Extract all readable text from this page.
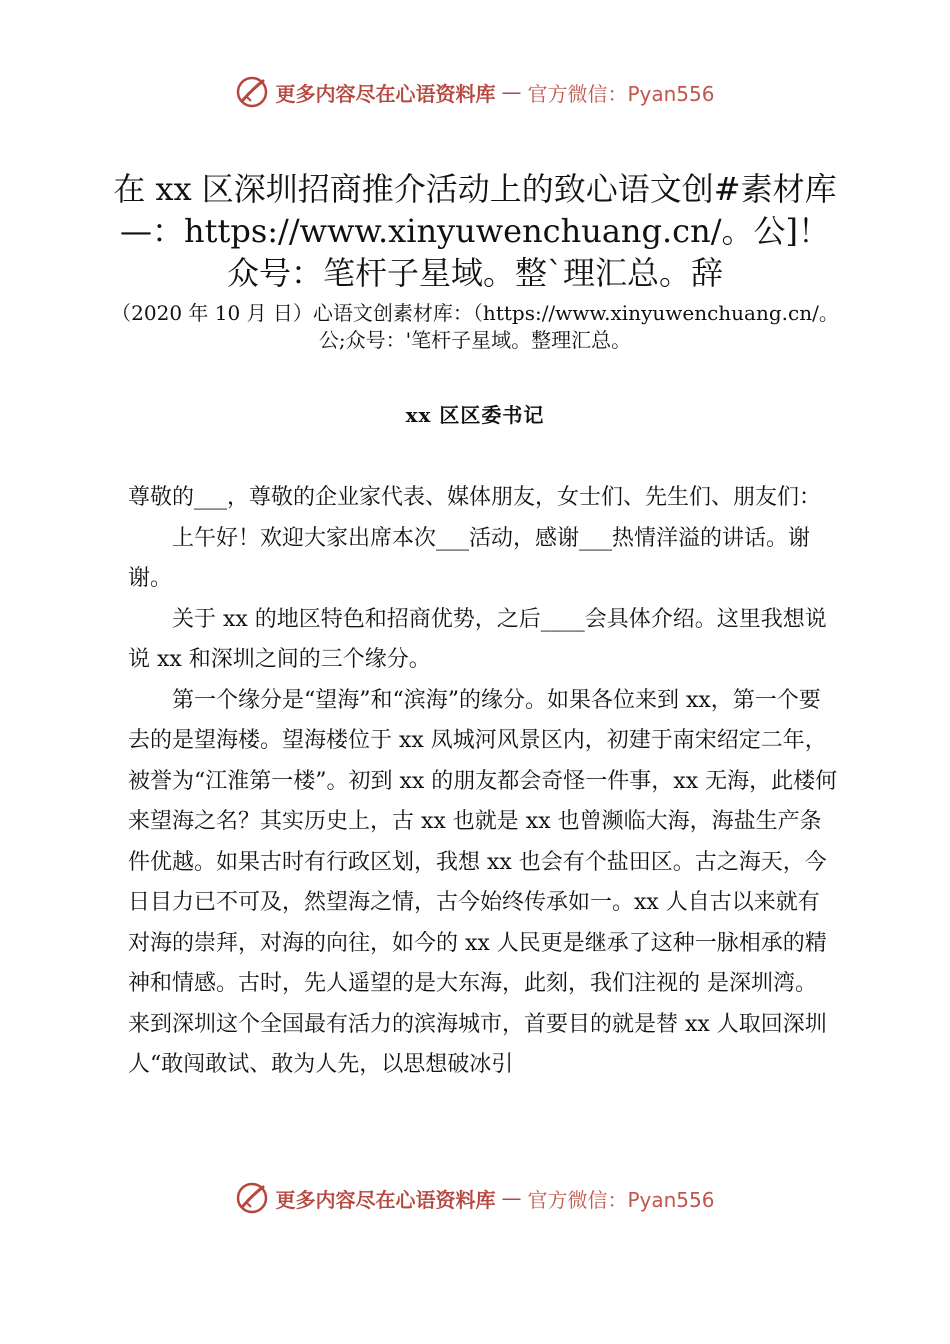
更多内容尽在心语资料库 — 官方微信：Pyan556
在 xx 区深圳招商推介活动上的致心语文创#素材库—：https://www.xinyuwenchuang.cn/。公]！众号：笔杆子星域。整`理汇总。辞
（2020 年 10 月 日）心语文创素材库：（https://www.xinyuwenchuang.cn/。公;众号：'笔杆子星域。整理汇总。
xx 区区委书记

尊敬的___，尊敬的企业家代表、媒体朋友，女士们、先生们、朋友们：

上午好！欢迎大家出席本次___活动，感谢___热情洋溢的讲话。谢谢。

关于 xx 的地区特色和招商优势，之后____会具体介绍。这里我想说说 xx 和深圳之间的三个缘分。

第一个缘分是“望海”和“滨海”的缘分。如果各位来到 xx，第一个要去的是望海楼。望海楼位于 xx 凤城河风景区内，初建于南宋绍定二年，被誉为“江淮第一楼”。初到 xx 的朋友都会奇怪一件事，xx 无海，此楼何来望海之名？其实历史上，古 xx 也就是 xx 也曾濒临大海，海盐生产条件优越。如果古时有行政区划，我想 xx 也会有个盐田区。古之海天，今日目力已不可及，然望海之情，古今始终传承如一。xx 人自古以来就有对海的崇拜，对海的向往，如今的 xx 人民更是继承了这种一脉相承的精神和情感。古时，先人遥望的是大东海，此刻，我们注视的 是深圳湾。来到深圳这个全国最有活力的滨海城市，首要目的就是替 xx 人取回深圳人“敢闯敢试、敢为人先，以思想破冰引

更多内容尽在心语资料库 — 官方微信：Pyan556
